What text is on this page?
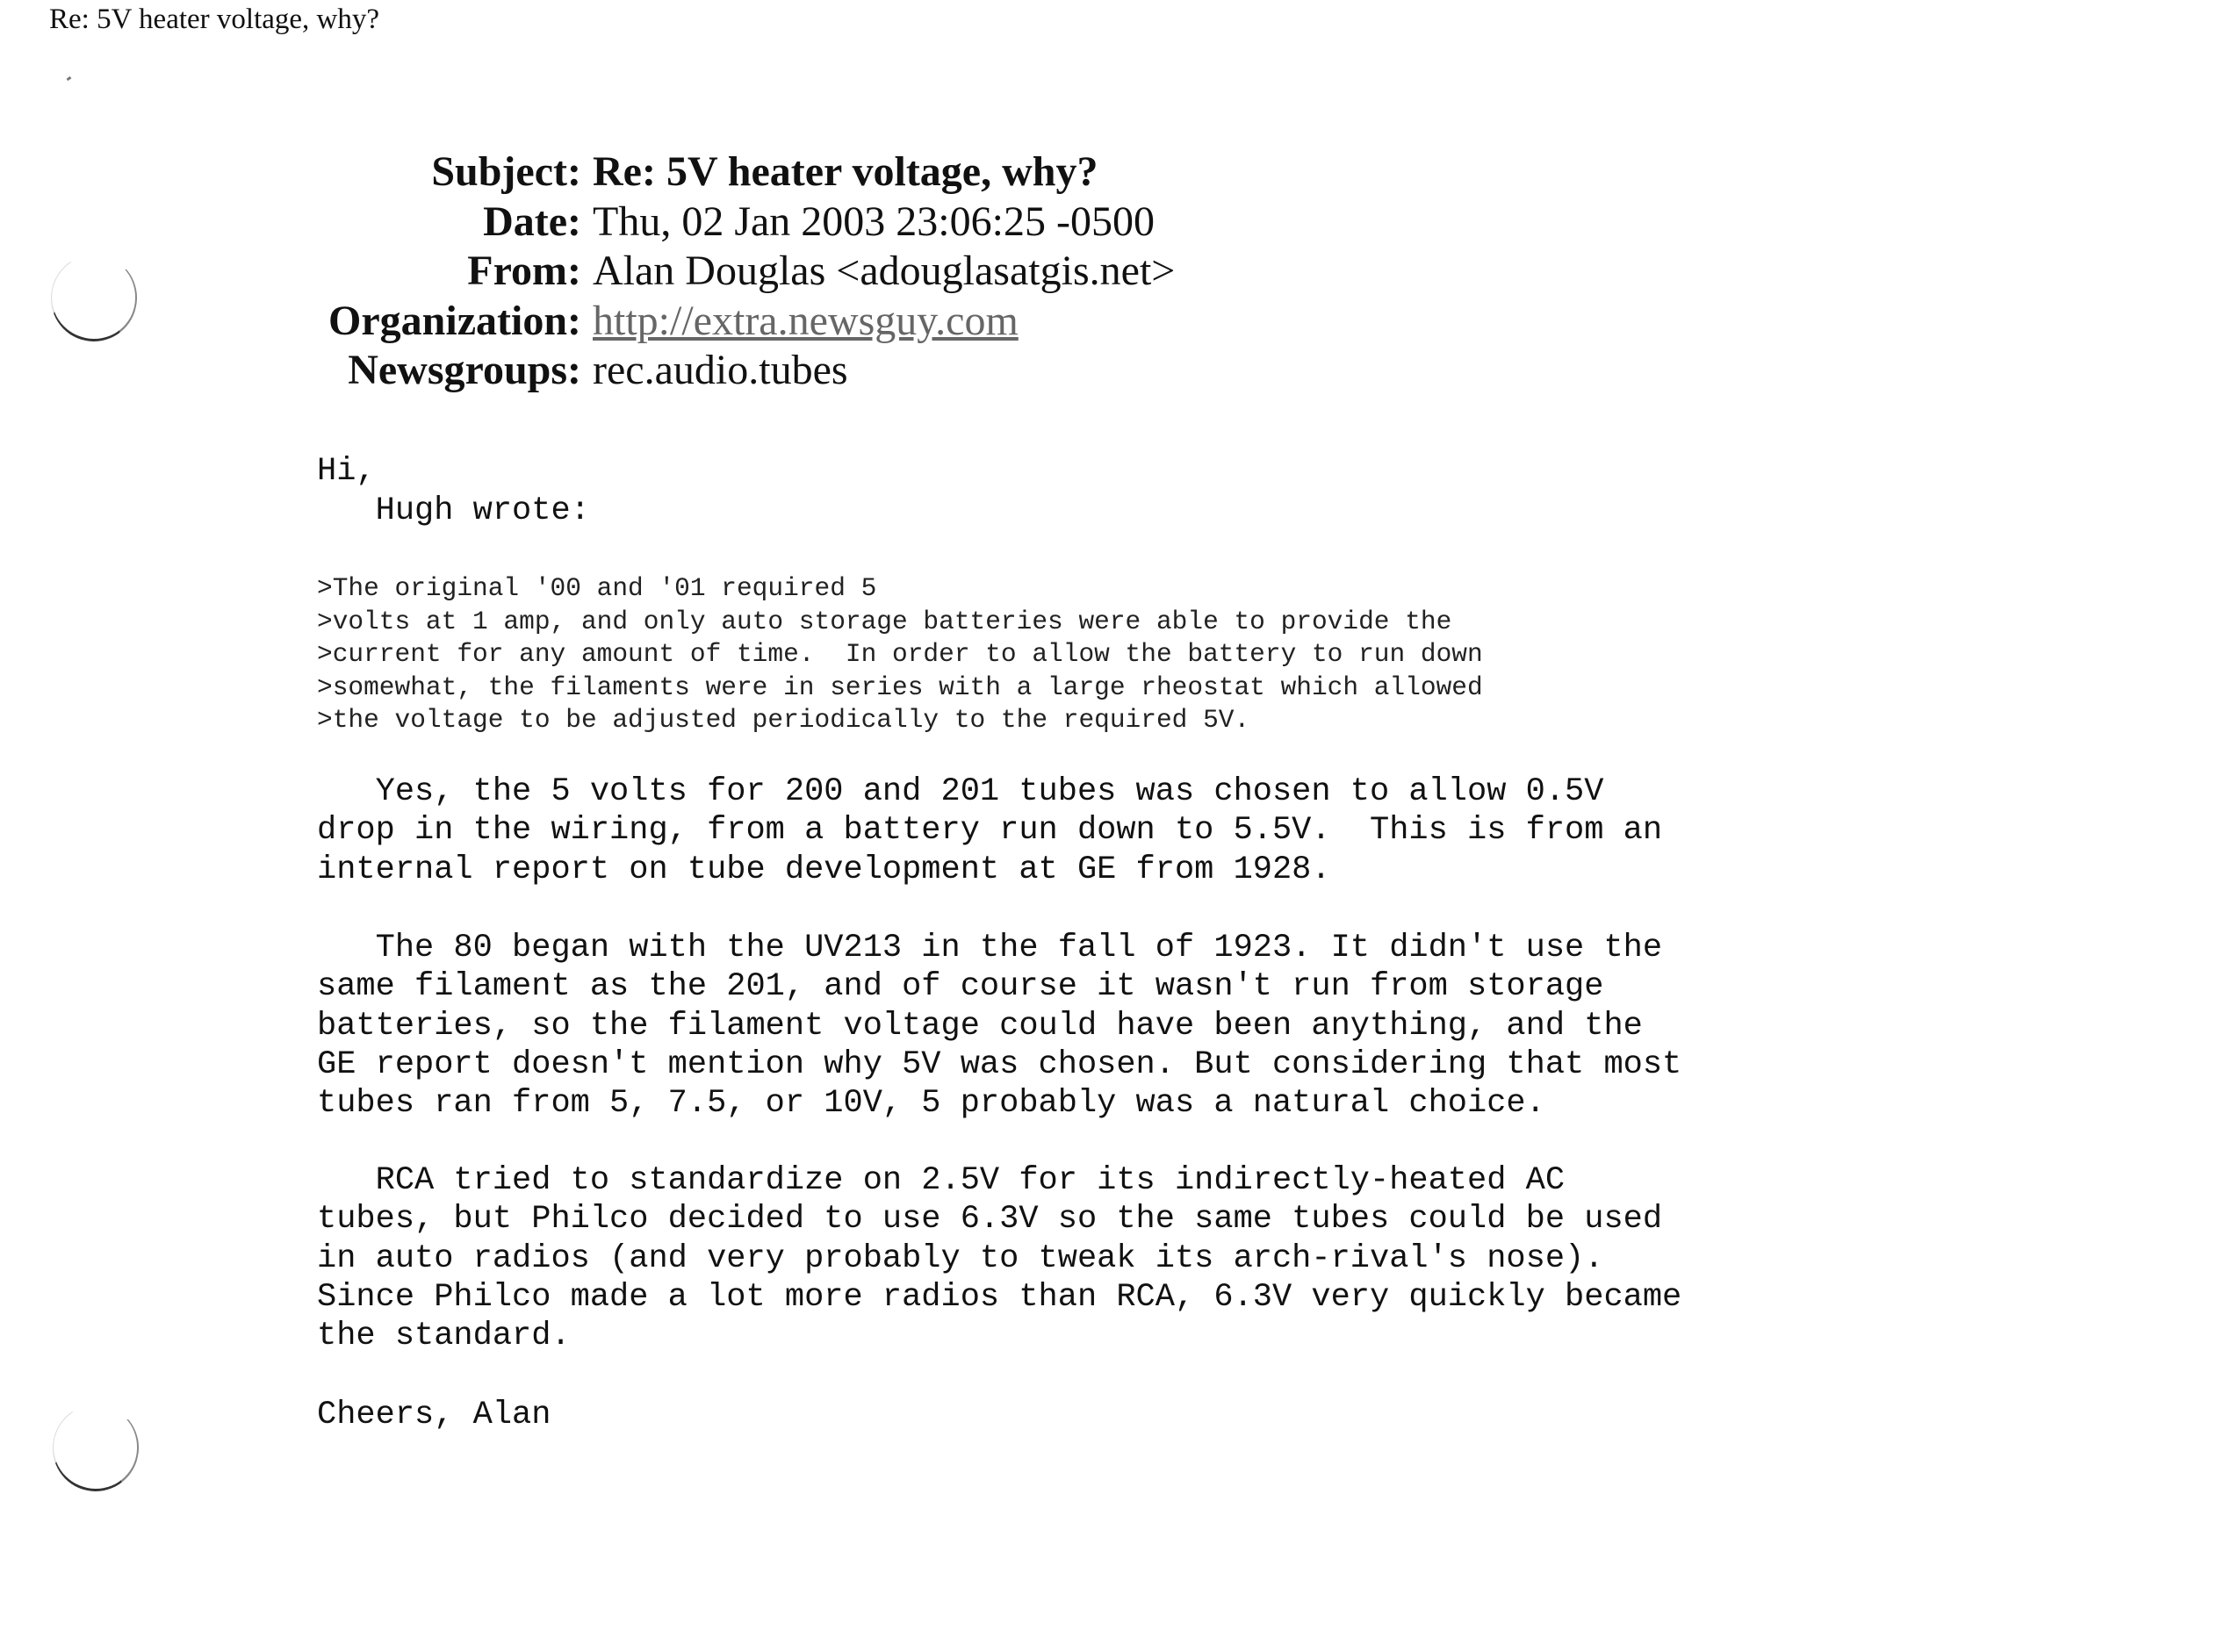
Re: 5V heater voltage, why?
Subject: Re: 5V heater voltage, why?
Date: Thu, 02 Jan 2003 23:06:25 -0500
From: Alan Douglas <adouglasatgis.net>
Organization: http://extra.newsguy.com
Newsgroups: rec.audio.tubes
Hi,
Hugh wrote:
>The original '00 and '01 required 5
>volts at 1 amp, and only auto storage batteries were able to provide the
>current for any amount of time.  In order to allow the battery to run down
>somewhat, the filaments were in series with a large rheostat which allowed
>the voltage to be adjusted periodically to the required 5V.
Yes, the 5 volts for 200 and 201 tubes was chosen to allow 0.5V
drop in the wiring, from a battery run down to 5.5V.  This is from an
internal report on tube development at GE from 1928.
The 80 began with the UV213 in the fall of 1923. It didn't use the
same filament as the 201, and of course it wasn't run from storage
batteries, so the filament voltage could have been anything, and the
GE report doesn't mention why 5V was chosen. But considering that most
tubes ran from 5, 7.5, or 10V, 5 probably was a natural choice.
RCA tried to standardize on 2.5V for its indirectly-heated AC
tubes, but Philco decided to use 6.3V so the same tubes could be used
in auto radios (and very probably to tweak its arch-rival's nose).
Since Philco made a lot more radios than RCA, 6.3V very quickly became
the standard.
Cheers, Alan
